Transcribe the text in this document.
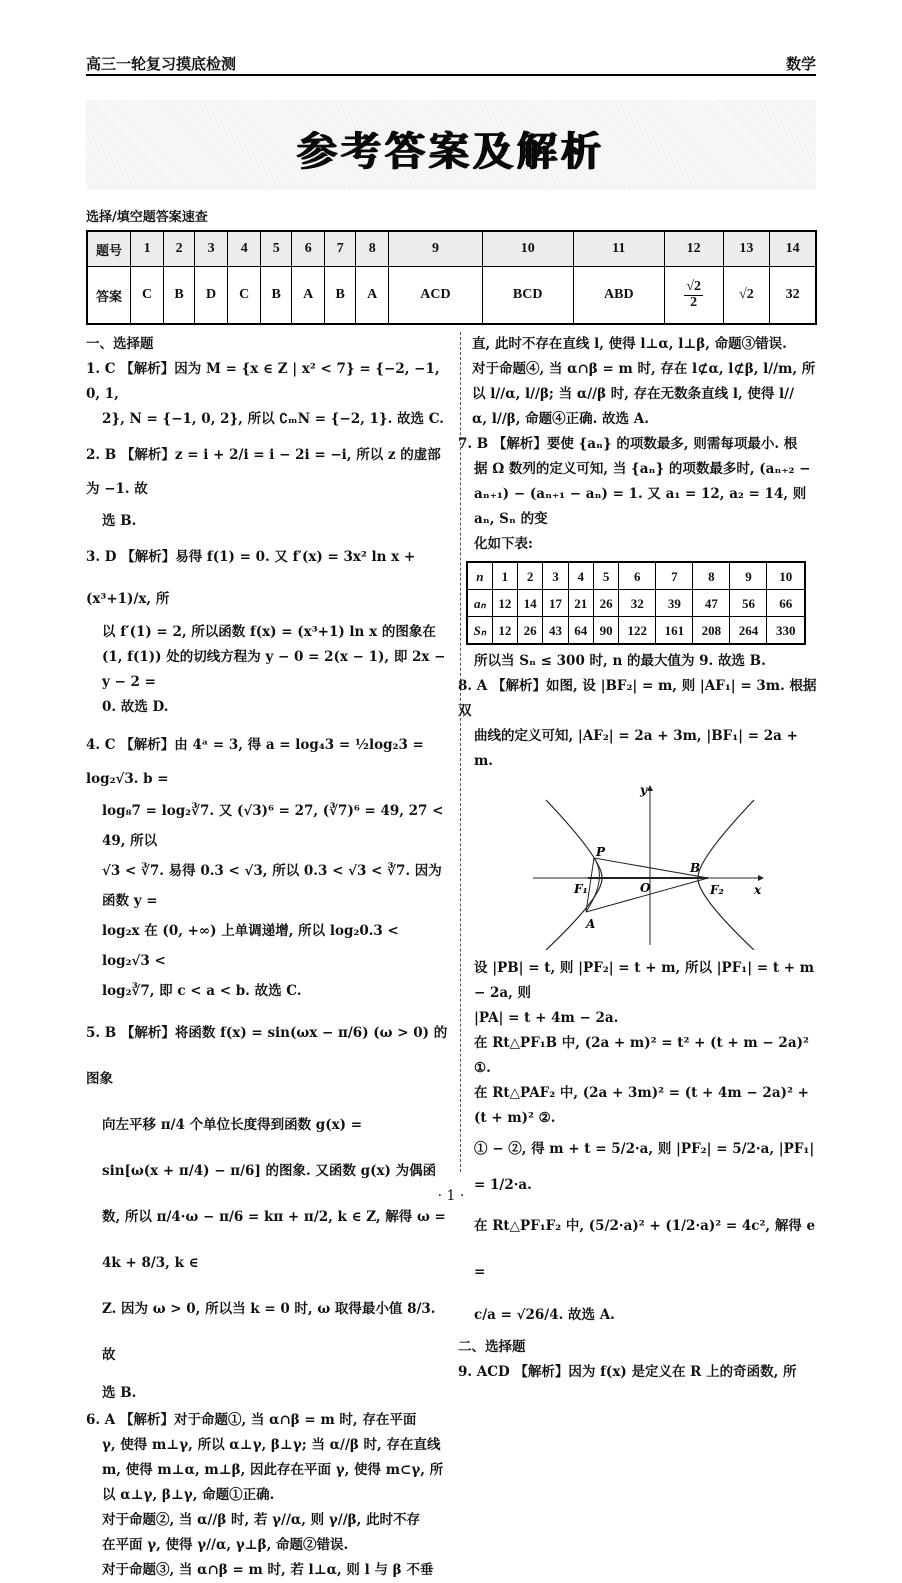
高三一轮复习摸底检测	数学
参考答案及解析
选择/填空题答案速查
题号	1	2	3	4	5	6	7	8	9	10	11	12	13	14
答案	C	B	D	C	B	A	B	A	ACD	BCD	ABD	$\frac{√2}{2}$	√2	32
一、选择题

1. C 【解析】因为 M = {x ∈ Z | x² < 7} = {−2, −1, 0, 1,

2}, N = {−1, 0, 2}, 所以 ∁ₘN = {−2, 1}. 故选 C.

2. B 【解析】z = i + 2/i = i − 2i = −i, 所以 z 的虚部为 −1. 故

选 B.

3. D 【解析】易得 f(1) = 0. 又 f′(x) = 3x² ln x + (x³+1)/x, 所

以 f′(1) = 2, 所以函数 f(x) = (x³+1) ln x 的图象在

(1, f(1)) 处的切线方程为 y − 0 = 2(x − 1), 即 2x − y − 2 =

0. 故选 D.

4. C 【解析】由 4ᵃ = 3, 得 a = log₄3 = ½log₂3 = log₂√3. b =

log₈7 = log₂∛7. 又 (√3)⁶ = 27, (∛7)⁶ = 49, 27 < 49, 所以

√3 < ∛7. 易得 0.3 < √3, 所以 0.3 < √3 < ∛7. 因为函数 y =

log₂x 在 (0, +∞) 上单调递增, 所以 log₂0.3 < log₂√3 <

log₂∛7, 即 c < a < b. 故选 C.

5. B 【解析】将函数 f(x) = sin(ωx − π/6) (ω > 0) 的图象

向左平移 π/4 个单位长度得到函数 g(x) =

sin[ω(x + π/4) − π/6] 的图象. 又函数 g(x) 为偶函

数, 所以 π/4·ω − π/6 = kπ + π/2, k ∈ Z, 解得 ω = 4k + 8/3, k ∈

Z. 因为 ω > 0, 所以当 k = 0 时, ω 取得最小值 8/3. 故

选 B.

6. A 【解析】对于命题①, 当 α∩β = m 时, 存在平面

γ, 使得 m⊥γ, 所以 α⊥γ, β⊥γ; 当 α//β 时, 存在直线

m, 使得 m⊥α, m⊥β, 因此存在平面 γ, 使得 m⊂γ, 所

以 α⊥γ, β⊥γ, 命题①正确.

对于命题②, 当 α//β 时, 若 γ//α, 则 γ//β, 此时不存

在平面 γ, 使得 γ//α, γ⊥β, 命题②错误.

对于命题③, 当 α∩β = m 时, 若 l⊥α, 则 l 与 β 不垂

直, 此时不存在直线 l, 使得 l⊥α, l⊥β, 命题③错误.

对于命题④, 当 α∩β = m 时, 存在 l⊄α, l⊄β, l//m, 所

以 l//α, l//β; 当 α//β 时, 存在无数条直线 l, 使得 l//

α, l//β, 命题④正确. 故选 A.

7. B 【解析】要使 {aₙ} 的项数最多, 则需每项最小. 根

据 Ω 数列的定义可知, 当 {aₙ} 的项数最多时, (aₙ₊₂ −

aₙ₊₁) − (aₙ₊₁ − aₙ) = 1. 又 a₁ = 12, a₂ = 14, 则 aₙ, Sₙ 的变

化如下表:

n	1	2	3	4	5	6	7	8	9	10
aₙ	12	14	17	21	26	32	39	47	56	66
Sₙ	12	26	43	64	90	122	161	208	264	330

所以当 Sₙ ≤ 300 时, n 的最大值为 9. 故选 B.

8. A 【解析】如图, 设 |BF₂| = m, 则 |AF₁| = 3m. 根据双

曲线的定义可知, |AF₂| = 2a + 3m, |BF₁| = 2a + m.

y
x
P
B
F₁	O	F₂
A

设 |PB| = t, 则 |PF₂| = t + m, 所以 |PF₁| = t + m − 2a, 则

|PA| = t + 4m − 2a.

在 Rt△PF₁B 中, (2a + m)² = t² + (t + m − 2a)² ①.

在 Rt△PAF₂ 中, (2a + 3m)² = (t + 4m − 2a)² + (t + m)² ②.

① − ②, 得 m + t = 5/2·a, 则 |PF₂| = 5/2·a, |PF₁| = 1/2·a.

在 Rt△PF₁F₂ 中, (5/2·a)² + (1/2·a)² = 4c², 解得 e =

c/a = √26/4. 故选 A.

二、选择题

9. ACD 【解析】因为 f(x) 是定义在 R 上的奇函数, 所

· 1 ·
